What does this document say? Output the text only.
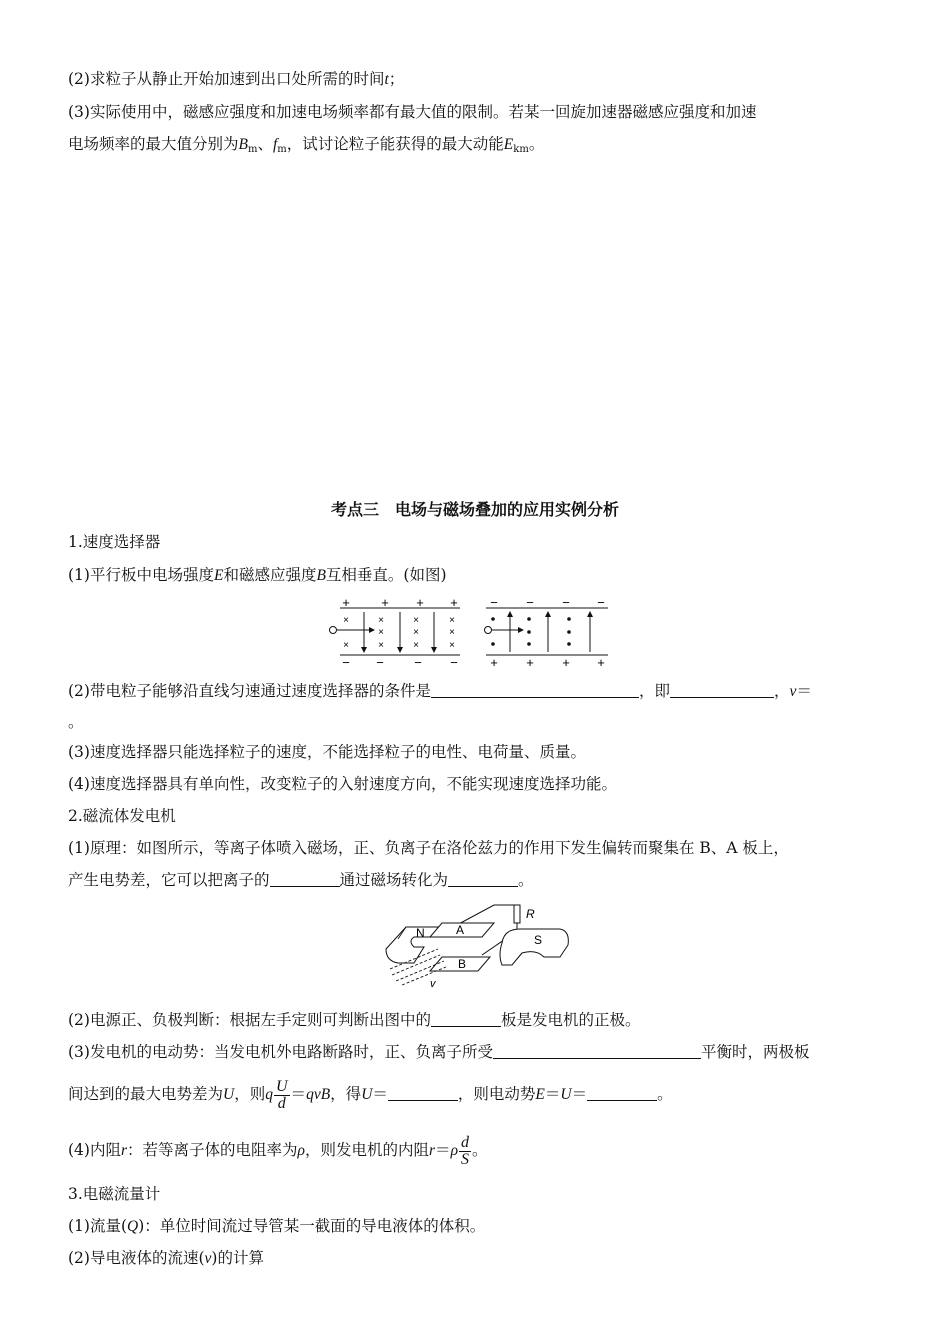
(2)求粒子从静止开始加速到出口处所需的时间t；
(3)实际使用中，磁感应强度和加速电场频率都有最大值的限制。若某一回旋加速器磁感应强度和加速
电场频率的最大值分别为$B_m$、$f_m$，试讨论粒子能获得的最大动能$E_{km}$。
考点三　电场与磁场叠加的应用实例分析
1.速度选择器
(1)平行板中电场强度E和磁感应强度B互相垂直。(如图)
+ + + +
− − − −
×	×	×	×
×	×	×
×	×	×	×
− − − −
+ + + +
(2)带电粒子能够沿直线匀速通过速度选择器的条件是	，即	，v＝
。
(3)速度选择器只能选择粒子的速度，不能选择粒子的电性、电荷量、质量。
(4)速度选择器具有单向性，改变粒子的入射速度方向，不能实现速度选择功能。
2.磁流体发电机
(1)原理：如图所示，等离子体喷入磁场，正、负离子在洛伦兹力的作用下发生偏转而聚集在 B、A 板上，
产生电势差，它可以把离子的	通过磁场转化为	。
R
N	A
B
S
v
(2)电源正、负极判断：根据左手定则可判断出图中的	板是发电机的正极。
(3)发电机的电动势：当发电机外电路断路时，正、负离子所受	平衡时，两极板
间达到的最大电势差为U，则q $\frac{U}{d} =qvB$，得U＝	，则电动势E＝U＝	。
(4)内阻r：若等离子体的电阻率为ρ，则发电机的内阻$r=\rho \frac{d}{S}$ 。
3.电磁流量计
(1)流量(Q)：单位时间流过导管某一截面的导电液体的体积。
(2)导电液体的流速(v)的计算
